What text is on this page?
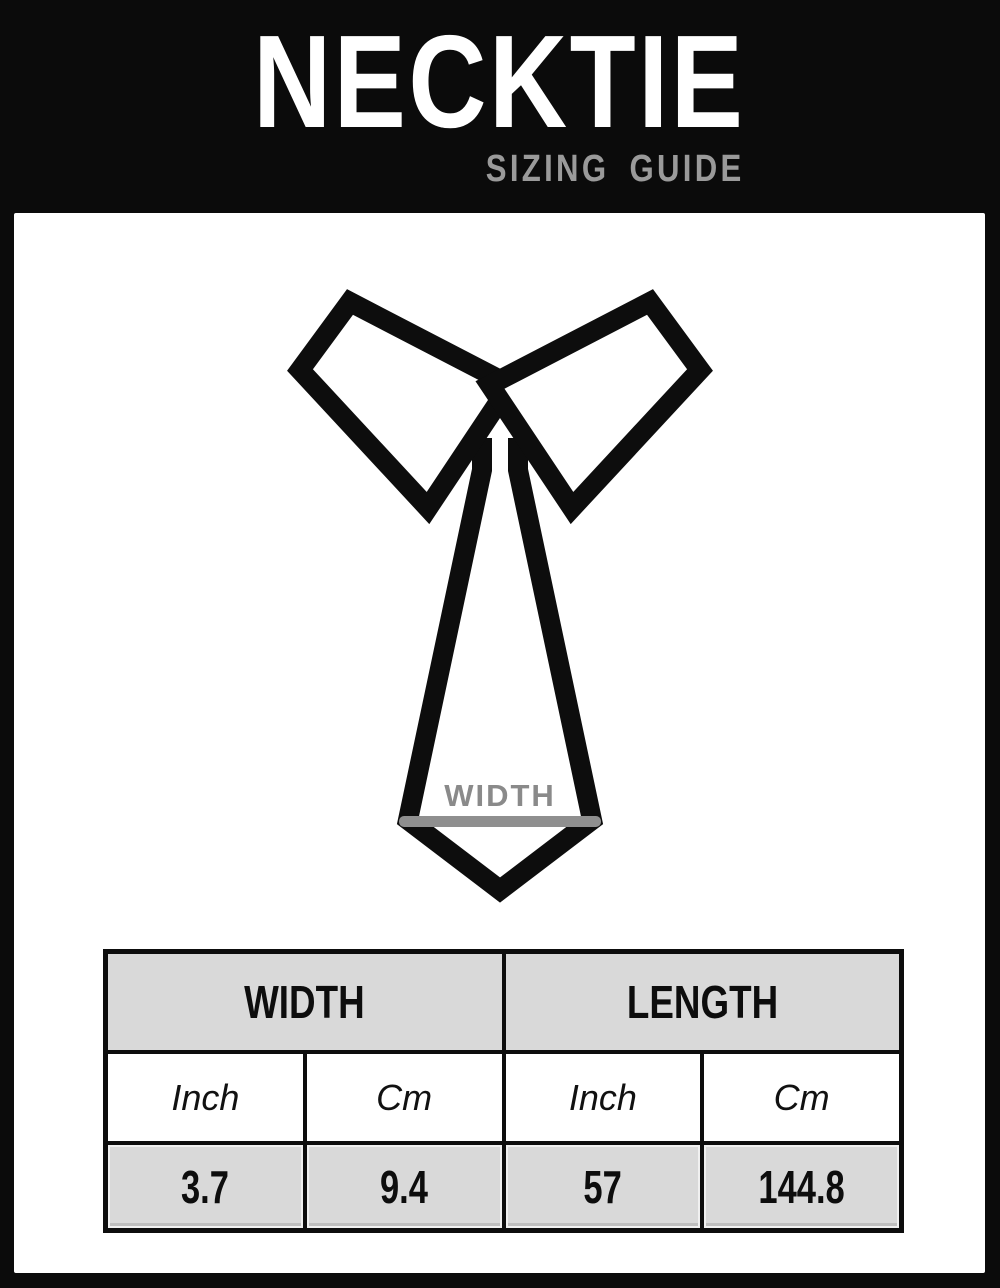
NECKTIE
SIZING GUIDE
WIDTH
WIDTH	LENGTH
Inch	Cm	Inch	Cm
3.7	9.4	57	144.8
